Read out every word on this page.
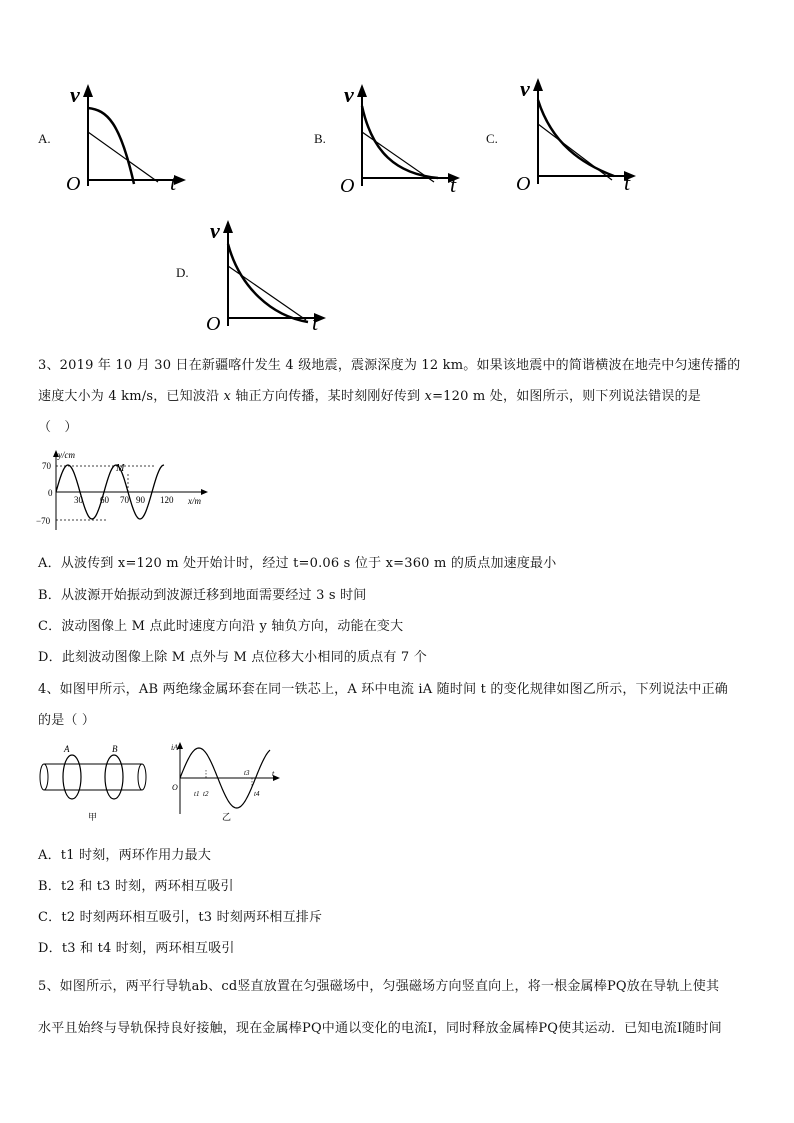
A.
v
O	t
B.
v
O	t
C.
v
O	t
D.
v
O	t
3、2019 年 10 月 30 日在新疆喀什发生 4 级地震，震源深度为 12 km。如果该地震中的简谐横波在地壳中匀速传播的
速度大小为 4 km/s，已知波沿 x 轴正方向传播，某时刻刚好传到 x=120 m 处，如图所示，则下列说法错误的是
（　）
y/cm
70
0
−70
30 60 70 90 120 x/m
M
A．从波传到 x=120 m 处开始计时，经过 t=0.06 s 位于 x=360 m 的质点加速度最小
B．从波源开始振动到波源迁移到地面需要经过 3 s 时间
C．波动图像上 M 点此时速度方向沿 y 轴负方向，动能在变大
D．此刻波动图像上除 M 点外与 M 点位移大小相同的质点有 7 个
4、如图甲所示，AB 两绝缘金属环套在同一铁芯上，A 环中电流 iA 随时间 t 的变化规律如图乙所示，下列说法中正确
的是（ ）
A	B
甲
iA
O
t
t1 t2
t3
t4
乙
A．t1 时刻，两环作用力最大
B．t2 和 t3 时刻，两环相互吸引
C．t2 时刻两环相互吸引，t3 时刻两环相互排斥
D．t3 和 t4 时刻，两环相互吸引
5、如图所示，两平行导轨ab、cd竖直放置在匀强磁场中，匀强磁场方向竖直向上，将一根金属棒PQ放在导轨上使其
水平且始终与导轨保持良好接触，现在金属棒PQ中通以变化的电流I，同时释放金属棒PQ使其运动．已知电流I随时间
